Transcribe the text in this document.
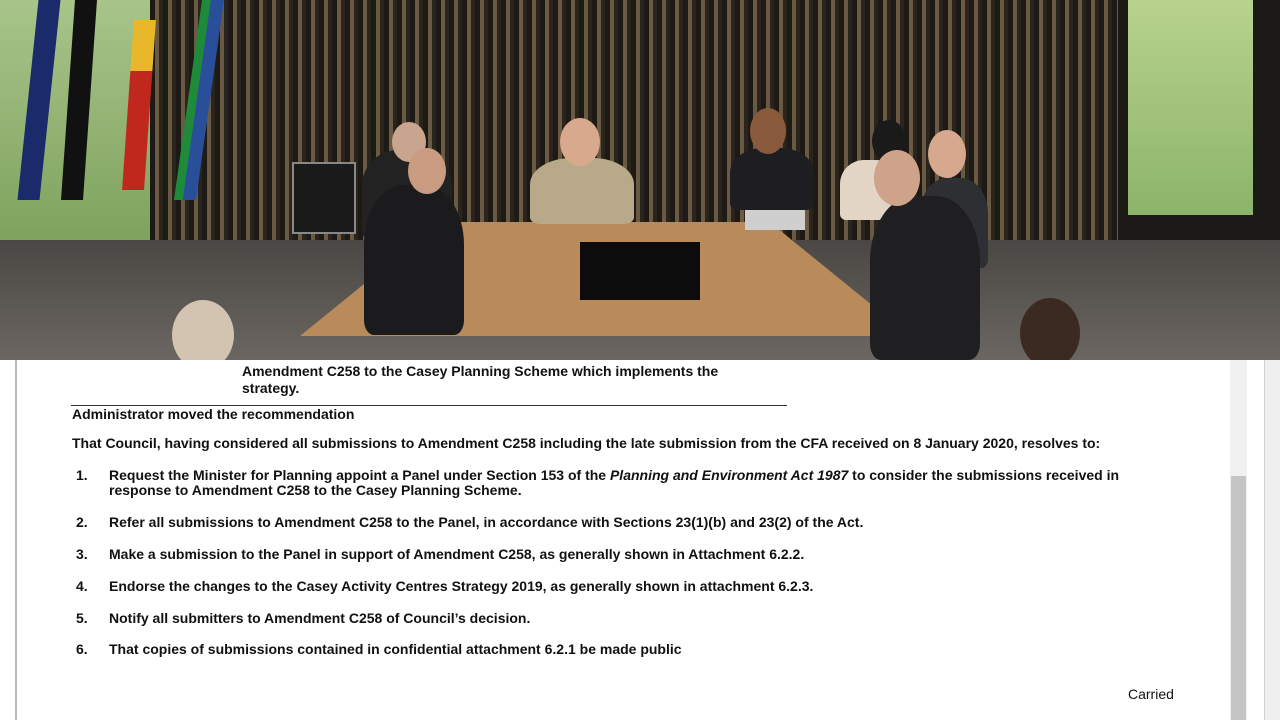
Amendment C258 to the Casey Planning Scheme which implements the strategy.

Administrator moved the recommendation
That Council, having considered all submissions to Amendment C258 including the late submission from the CFA received on 8 January 2020, resolves to:
1. Request the Minister for Planning appoint a Panel under Section 153 of the Planning and Environment Act 1987 to consider the submissions received in response to Amendment C258 to the Casey Planning Scheme.
2. Refer all submissions to Amendment C258 to the Panel, in accordance with Sections 23(1)(b) and 23(2) of the Act.
3. Make a submission to the Panel in support of Amendment C258, as generally shown in Attachment 6.2.2.
4. Endorse the changes to the Casey Activity Centres Strategy 2019, as generally shown in attachment 6.2.3.
5. Notify all submitters to Amendment C258 of Council’s decision.
6. That copies of submissions contained in confidential attachment 6.2.1 be made public
Carried
